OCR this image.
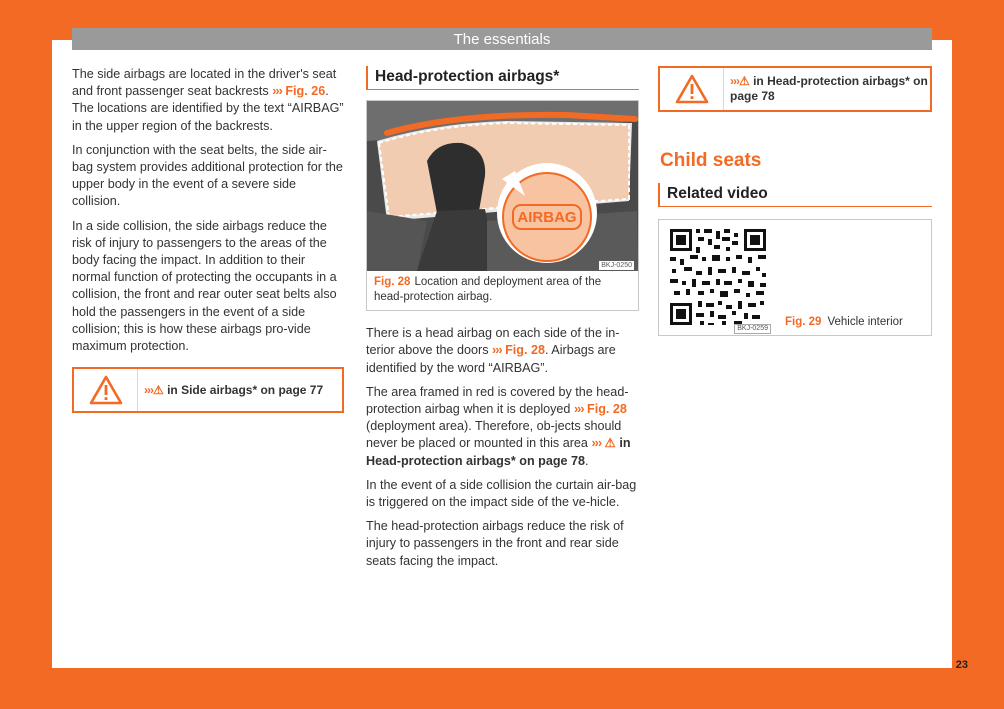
The essentials

The side airbags are located in the driver's seat and front passenger seat backrests ››› Fig. 26. The locations are identified by the text “AIRBAG” in the upper region of the backrests.

In conjunction with the seat belts, the side air-bag system provides additional protection for the upper body in the event of a severe side collision.

In a side collision, the side airbags reduce the risk of injury to passengers to the areas of the body facing the impact. In addition to their normal function of protecting the occupants in a collision, the front and rear outer seat belts also hold the passengers in the event of a side collision; this is how these airbags pro-vide maximum protection.

›››⚠ in Side airbags* on page 77
Head-protection airbags*
AIRBAG
BKJ-0250
Fig. 28 Location and deployment area of the head-protection airbag.

There is a head airbag on each side of the in-terior above the doors ››› Fig. 28. Airbags are identified by the word “AIRBAG”.

The area framed in red is covered by the head-protection airbag when it is deployed ››› Fig. 28 (deployment area). Therefore, ob-jects should never be placed or mounted in this area ››› ⚠ in Head-protection airbags* on page 78.

In the event of a side collision the curtain air-bag is triggered on the impact side of the ve-hicle.

The head-protection airbags reduce the risk of injury to passengers in the front and rear side seats facing the impact.

›››⚠ in Head-protection airbags* on page 78
Child seats
Related video
BKJ-0259
Fig. 29 Vehicle interior
23
